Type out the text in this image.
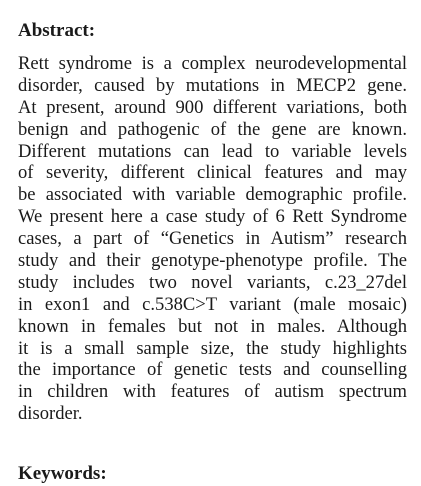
Abstract:
Rett syndrome is a complex neurodevelopmental
disorder, caused by mutations in MECP2 gene.
At present, around 900 different variations, both
benign and pathogenic of the gene are known.
Different mutations can lead to variable levels
of severity, different clinical features and may
be associated with variable demographic profile.
We present here a case study of 6 Rett Syndrome
cases, a part of “Genetics in Autism” research
study and their genotype-phenotype profile. The
study includes two novel variants, c.23_27del
in exon1 and c.538C>T variant (male mosaic)
known in females but not in males. Although
it is a small sample size, the study highlights
the importance of genetic tests and counselling
in children with features of autism spectrum
disorder.
Keywords:
